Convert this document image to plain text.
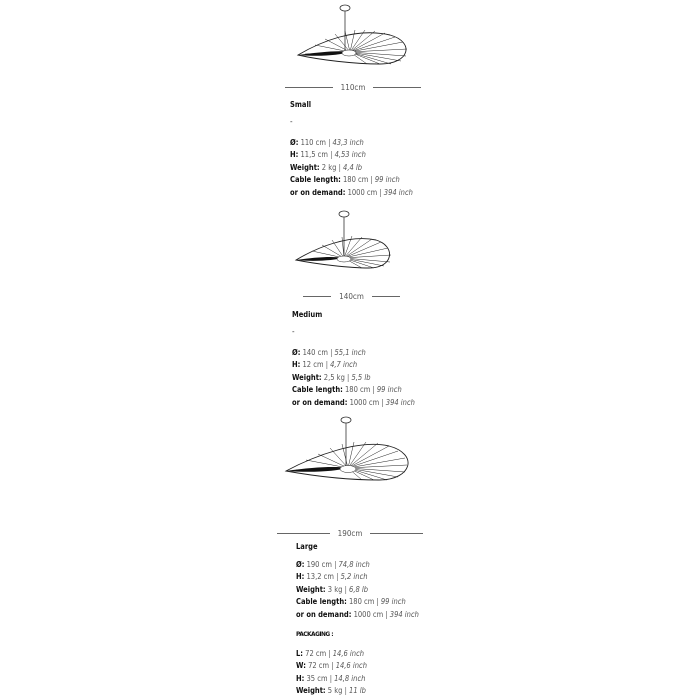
110cm
Small
-
Ø: 110 cm | 43,3 inch
H: 11,5 cm | 4,53 inch
Weight: 2 kg | 4,4 lb
Cable length: 180 cm | 99 inch
or on demand: 1000 cm | 394 inch
140cm
Medium
-
Ø: 140 cm | 55,1 inch
H: 12 cm | 4,7 inch
Weight: 2,5 kg | 5,5 lb
Cable length: 180 cm | 99 inch
or on demand: 1000 cm | 394 inch
190cm
Large
Ø: 190 cm | 74,8 inch
H: 13,2 cm | 5,2 inch
Weight: 3 kg | 6,8 lb
Cable length: 180 cm | 99 inch
or on demand: 1000 cm | 394 inch
PACKAGING :
L: 72 cm | 14,6 inch
W: 72 cm | 14,6 inch
H: 35 cm | 14,8 inch
Weight: 5 kg | 11 lb
